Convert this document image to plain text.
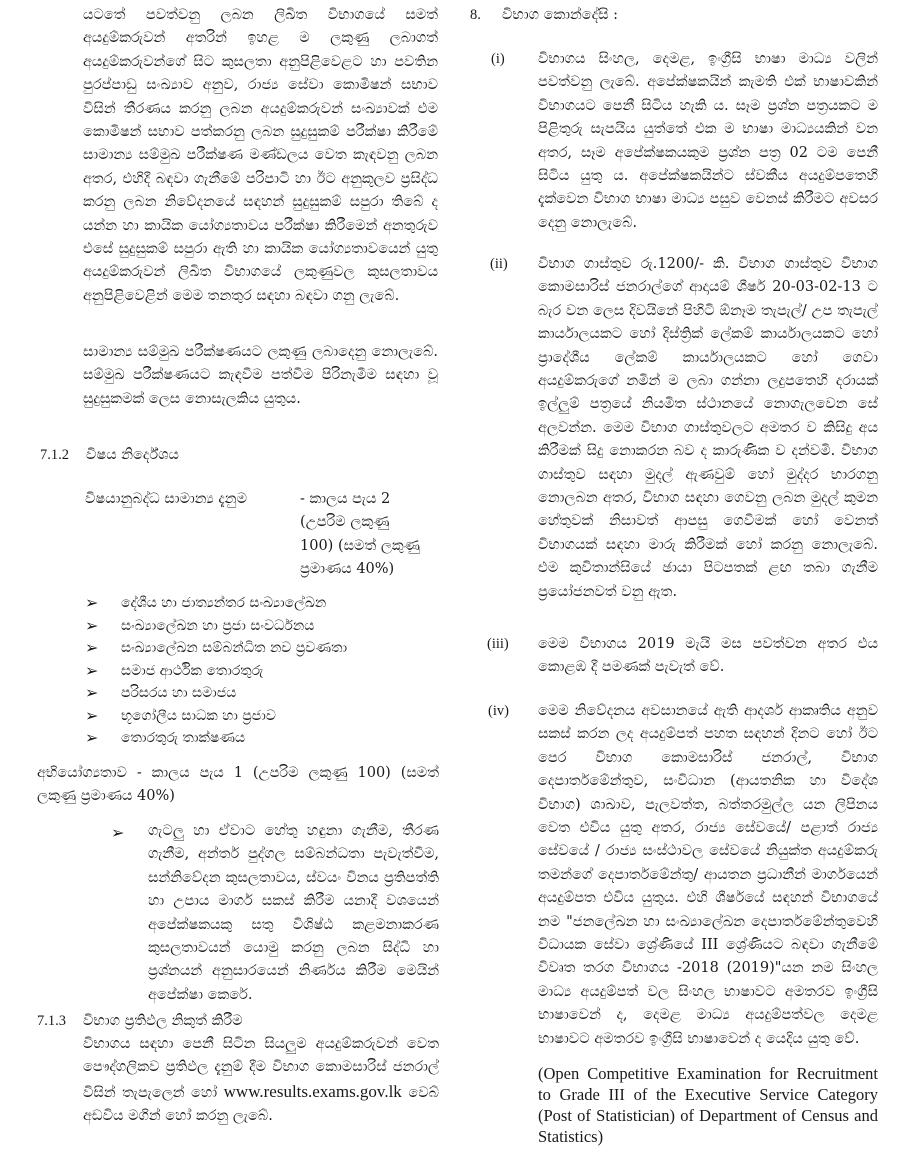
යටතේ පවත්වනු ලබන ලිඛිත විභාගයේ සමත් අයදුම්කරුවන් අතරින් ඉහළ ම ලකුණු ලබාගත් අයදුම්කරුවන්ගේ සිට කුසලතා අනුපිළිවෙළට හා පවතින පුරප්පාඩු සංඛ්‍යාව අනුව, රාජ්‍ය සේවා කොමිෂන් සභාව විසින් තීරණය කරනු ලබන අයදුම්කරුවන් සංඛ්‍යාවක් එම කොමිෂන් සභාව පත්කරනු ලබන සුදුසුකම් පරීක්ෂා කිරීමේ සාමාන්‍ය සම්මුඛ පරීක්ෂණ මණ්ඩලය වෙත කැඳවනු ලබන අතර, එහිදී බඳවා ගැනීමේ පරිපාටි හා ඊට අනුකූලව ප්‍රසිද්ධ කරනු ලබන නිවේදනයේ සඳහන් සුදුසුකම් සපුරා තිබේ ද යන්න හා කායික යෝග්‍යතාවය පරීක්ෂා කිරීමෙන් අනතුරුව එසේ සුදුසුකම් සපුරා ඇති හා කායික යෝග්‍යතාවයෙන් යුතු අයදුම්කරුවන් ලිඛිත විභාගයේ ලකුණුවල කුසලතාවය අනුපිළිවෙළින් මෙම තනතුර සඳහා බඳවා ගනු ලැබේ.

සාමාන්‍ය සම්මුඛ පරීක්ෂණයට ලකුණු ලබාදෙනු නොලැබේ. සම්මුඛ පරීක්ෂණයට කැඳවීම පත්වීම පිරිනැමීම සඳහා වූ සුදුසුකමක් ලෙස නොසැලකිය යුතුය.

7.1.2 විෂය නිර්දේශය
විෂයානුබද්ධ සාමාන්‍ය දැනුම	- කාලය පැය 2 (උපරිම ලකුණු 100) (සමත් ලකුණු ප්‍රමාණය 40%)
➢ දේශීය හා ජාත්‍යන්තර සංඛ්‍යාලේඛන
➢ සංඛ්‍යාලේඛන හා ප්‍රජා සංවර්ධනය
➢ සංඛ්‍යාලේඛන සම්බන්ධිත නව ප්‍රවණතා
➢ සමාජ ආර්ථික තොරතුරු
➢ පරිසරය හා සමාජය
➢ භූගෝලීය සාධක හා ප්‍රජාව
➢ තොරතුරු තාක්ෂණය

අභියෝග්‍යතාව - කාලය පැය 1 (උපරිම ලකුණු 100) (සමත් ලකුණු ප්‍රමාණය 40%)

➢ ගැටලු හා ඒවාට හේතු හඳුනා ගැනීම, තීරණ ගැනීම, අන්තර් පුද්ගල සම්බන්ධතා පැවැත්වීම, සන්නිවේදන කුසලතාවය, ස්වයං විනය ප්‍රතිපත්ති හා උපාය මාර්ග සකස් කිරීම යනාදී වශයෙන් අපේක්ෂකයකු සතු විශිෂ්ඨ කළමනාකරණ කුසලතාවයන් යොමු කරනු ලබන සිද්ධි හා ප්‍රශ්නයන් අනුසාරයෙන් නිර්ණය කිරීම මෙයින් අපේක්ෂා කෙරේ.

7.1.3 විභාග ප්‍රතිඵල නිකුත් කිරීම

විභාගය සඳහා පෙනී සිටින සියලුම අයදුම්කරුවන් වෙත පෞද්ගලිකව ප්‍රතිඵල දැනුම් දීම විභාග කොමසාරිස් ජනරාල් විසින් තැපැලෙන් හෝ www.results.exams.gov.lk වෙබ් අඩවිය මගින් හෝ කරනු ලැබේ.

8. විභාග කොන්දේසි :
(i) විභාගය සිංහල, දෙමළ, ඉංග්‍රීසි භාෂා මාධ්‍ය වලින් පවත්වනු ලැබේ. අපේක්ෂකයින් කැමති එක් භාෂාවකින් විභාගයට පෙනී සිටිය හැකි ය. සෑම ප්‍රශ්න පත්‍රයකට ම පිළිතුරු සැපයිය යුත්තේ එක ම භාෂා මාධ්‍යයකින් වන අතර, සෑම අපේක්ෂකයකුම ප්‍රශ්න පත්‍ර 02 ටම පෙනී සිටිය යුතු ය. අපේක්ෂකයින්ට ස්වකීය අයදුම්පතෙහි දැක්වෙන විභාග භාෂා මාධ්‍ය පසුව වෙනස් කිරීමට අවසර දෙනු නොලැබේ.

(ii) විභාග ගාස්තුව රු.1200/- කි. විභාග ගාස්තුව විභාග කොමසාරිස් ජනරාල්ගේ ආදායම් ශීර්ෂ 20-03-02-13 ට බැර වන ලෙස දිවයිනේ පිහිටි ඕනෑම තැපැල්/ උප තැපැල් කාර්යාලයකට හෝ දිස්ත්‍රික් ලේකම් කාර්යාලයකට හෝ ප්‍රාදේශීය ලේකම් කාර්යාලයකට හෝ ගෙවා අයදුම්කරුගේ නමින් ම ලබා ගන්නා ලදුපතෙහි දරායක් ඉල්ලුම් පත්‍රයේ නියමිත ස්ථානයේ නොගැලවෙන සේ අලවන්න. මෙම විභාග ගාස්තුවලට අමතර ව කිසිදු අය කිරීමක් සිදු නොකරන බව ද කාරුණික ව දන්වමි. විභාග ගාස්තුව සඳහා මුදල් ඇණවුම් හෝ මුද්දර භාරගනු නොලබන අතර, විභාග සඳහා ගෙවනු ලබන මුදල් කුමන හේතුවක් නිසාවත් ආපසු ගෙවීමක් හෝ වෙනත් විභාගයක් සඳහා මාරු කිරීමක් හෝ කරනු නොලැබේ. එම කුවිතාන්සියේ ඡායා පිටපතක් ළඟ තබා ගැනීම ප්‍රයෝජනවත් වනු ඇත.

(iii) මෙම විභාගය 2019 මැයි මස පවත්වන අතර එය කොළඹ දී පමණක් පැවැත් වේ.

(iv) මෙම නිවේදනය අවසානයේ ඇති ආදර්ශ ආකෘතිය අනුව සකස් කරන ලද අයදුම්පත් පහත සඳහන් දිනට හෝ ඊට පෙර විභාග කොමසාරිස් ජනරාල්, විභාග දෙපාර්තමේන්තුව, සංවිධාන (ආයතනික හා විදේශ විභාග) ශාඛාව, පැලවත්ත, බත්තරමුල්ල යන ලිපිනය වෙත එවිය යුතු අතර, රාජ්‍ය සේවයේ/ පළාත් රාජ්‍ය සේවයේ / රාජ්‍ය සංස්ථාවල සේවයේ නියුක්ත අයදුම්කරු තමන්ගේ දෙපාර්තමේන්තු/ ආයතන ප්‍රධානීන් මාර්ගයෙන් අයදුම්පත එවිය යුතුය. එහි ශීර්ෂයේ සඳහන් විභාගයේ නම "ජනලේඛන හා සංඛ්‍යාලේඛන දෙපාර්තමේන්තුවෙහි විධායක සේවා ශ්‍රේණියේ III ශ්‍රේණියට බඳවා ගැනීමේ විවෘත තරග විභාගය -2018 (2019)"යන නම සිංහල මාධ්‍ය අයදුම්පත් වල සිංහල භාෂාවට අමතරව ඉංග්‍රීසි භාෂාවෙන් ද, දෙමළ මාධ්‍ය අයදුම්පත්වල දෙමළ භාෂාවට අමතරව ඉංග්‍රීසි භාෂාවෙන් ද යෙදිය යුතු වේ.

(Open Competitive Examination for Recruitment to Grade III of the Executive Service Category (Post of Statistician) of Department of Census and Statistics)
